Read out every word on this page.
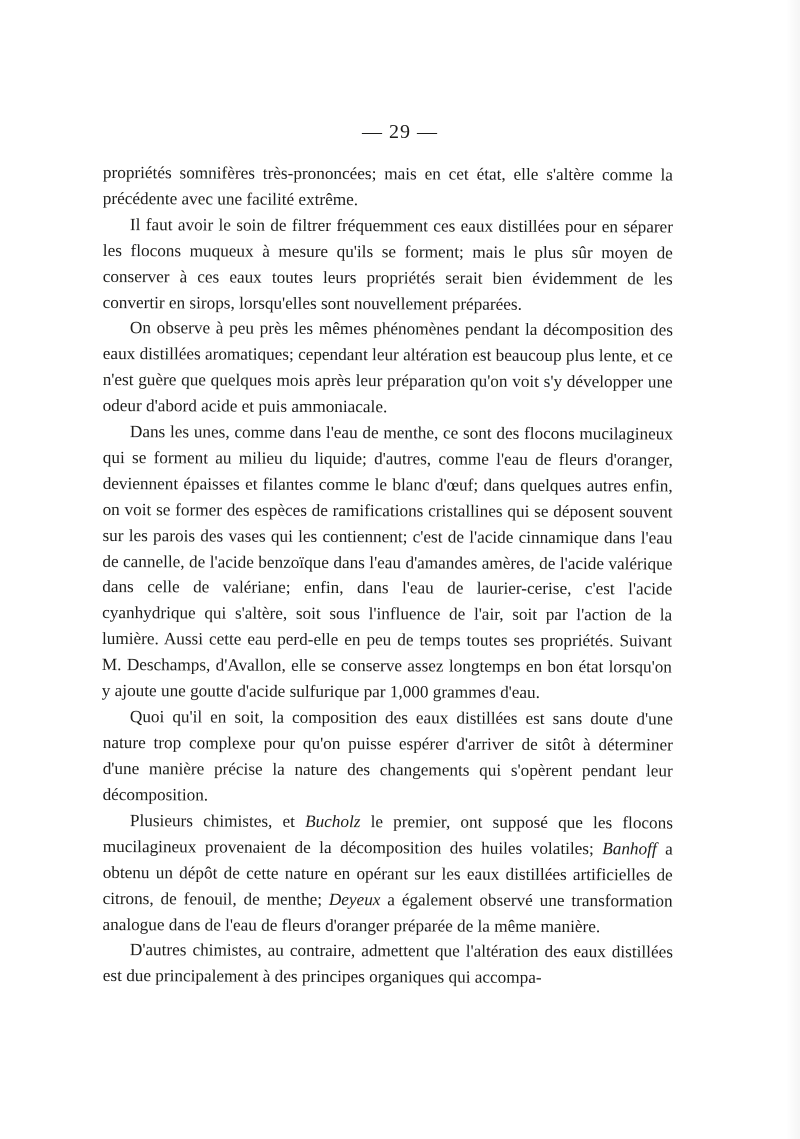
— 29 —

propriétés somnifères très-prononcées; mais en cet état, elle s'altère comme la précédente avec une facilité extrême.

Il faut avoir le soin de filtrer fréquemment ces eaux distillées pour en séparer les flocons muqueux à mesure qu'ils se forment; mais le plus sûr moyen de conserver à ces eaux toutes leurs propriétés serait bien évidemment de les convertir en sirops, lorsqu'elles sont nouvellement préparées.

On observe à peu près les mêmes phénomènes pendant la décomposition des eaux distillées aromatiques; cependant leur altération est beaucoup plus lente, et ce n'est guère que quelques mois après leur préparation qu'on voit s'y développer une odeur d'abord acide et puis ammoniacale.

Dans les unes, comme dans l'eau de menthe, ce sont des flocons mucilagineux qui se forment au milieu du liquide; d'autres, comme l'eau de fleurs d'oranger, deviennent épaisses et filantes comme le blanc d'œuf; dans quelques autres enfin, on voit se former des espèces de ramifications cristallines qui se déposent souvent sur les parois des vases qui les contiennent; c'est de l'acide cinnamique dans l'eau de cannelle, de l'acide benzoïque dans l'eau d'amandes amères, de l'acide valérique dans celle de valériane; enfin, dans l'eau de laurier-cerise, c'est l'acide cyanhydrique qui s'altère, soit sous l'influence de l'air, soit par l'action de la lumière. Aussi cette eau perd-elle en peu de temps toutes ses propriétés. Suivant M. Deschamps, d'Avallon, elle se conserve assez longtemps en bon état lorsqu'on y ajoute une goutte d'acide sulfurique par 1,000 grammes d'eau.

Quoi qu'il en soit, la composition des eaux distillées est sans doute d'une nature trop complexe pour qu'on puisse espérer d'arriver de sitôt à déterminer d'une manière précise la nature des changements qui s'opèrent pendant leur décomposition.

Plusieurs chimistes, et Bucholz le premier, ont supposé que les flocons mucilagineux provenaient de la décomposition des huiles volatiles; Banhoff a obtenu un dépôt de cette nature en opérant sur les eaux distillées artificielles de citrons, de fenouil, de menthe; Deyeux a également observé une transformation analogue dans de l'eau de fleurs d'oranger préparée de la même manière.

D'autres chimistes, au contraire, admettent que l'altération des eaux distillées est due principalement à des principes organiques qui accompa-
